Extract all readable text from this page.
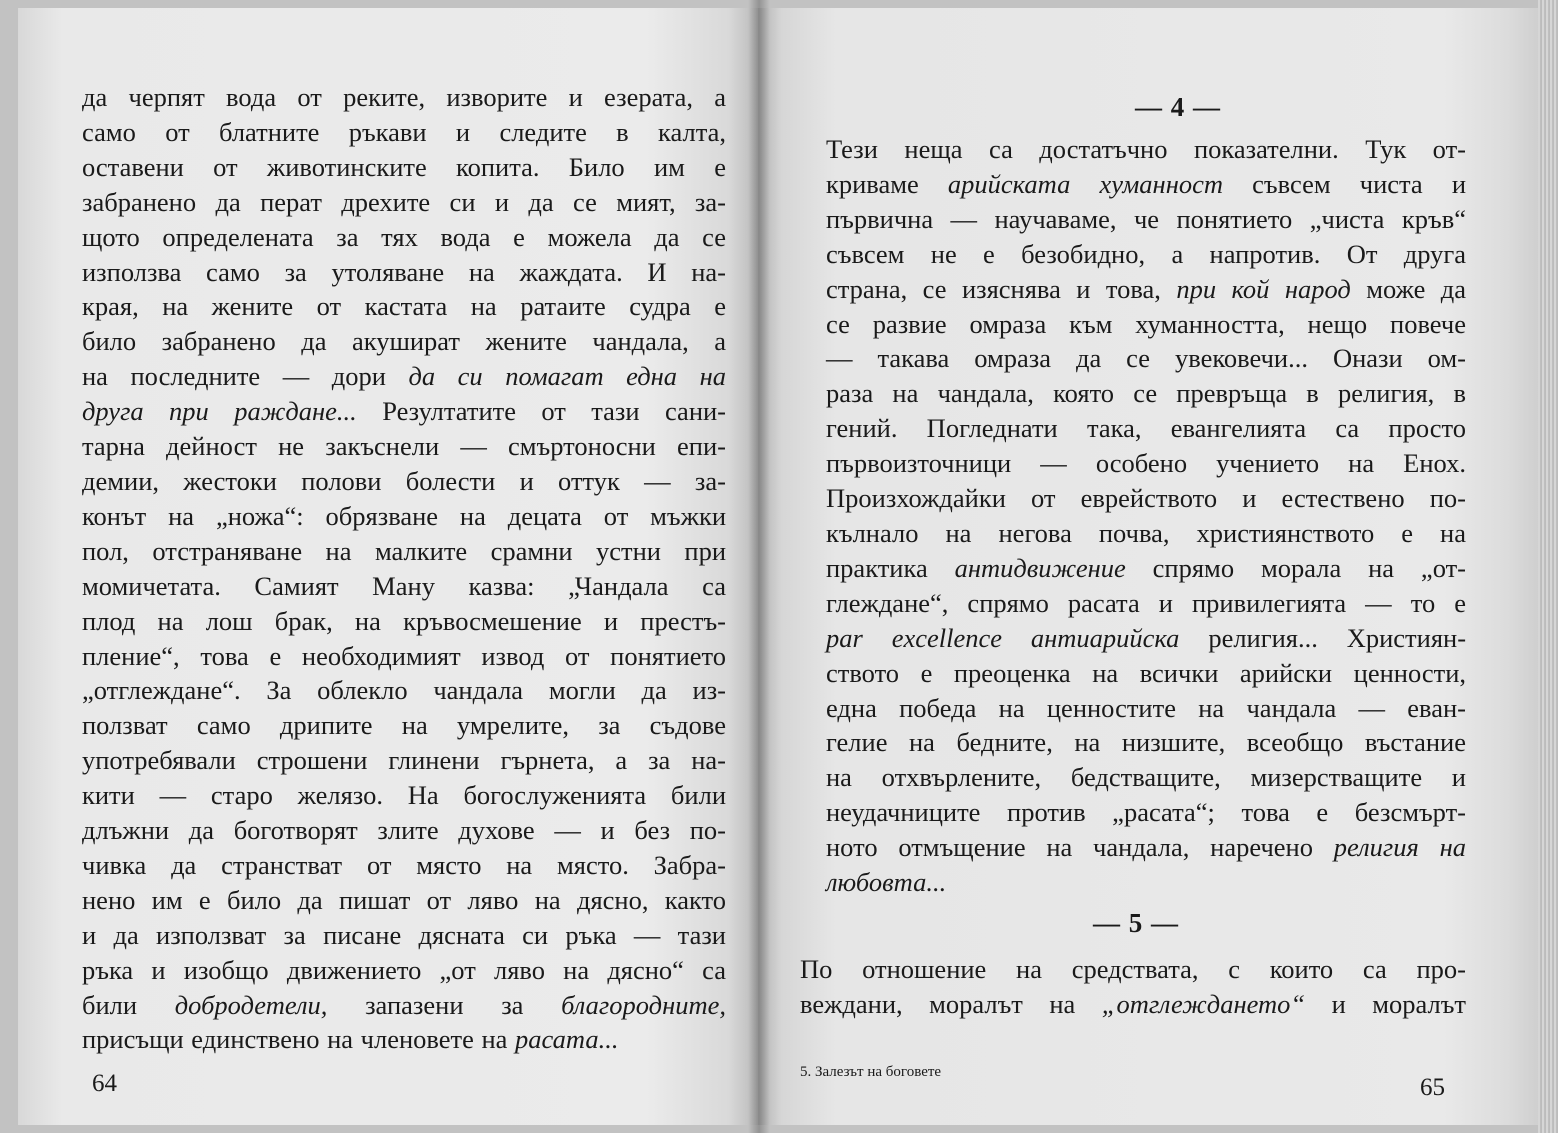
да черпят вода от реките, изворите и езерата, а
само от блатните ръкави и следите в калта,
оставени от животинските копита. Било им е
забранено да перат дрехите си и да се мият, за-
щото определената за тях вода е можела да се
използва само за утоляване на жаждата. И на-
края, на жените от кастата на ратаите судра е
било забранено да акушират жените чандала, а
на последните — дори да си помагат една на
друга при раждане... Резултатите от тази сани-
тарна дейност не закъснели — смъртоносни епи-
демии, жестоки полови болести и оттук — за-
конът на „ножа“: обрязване на децата от мъжки
пол, отстраняване на малките срамни устни при
момичетата. Самият Ману казва: „Чандала са
плод на лош брак, на кръвосмешение и престъ-
пление“, това е необходимият извод от понятието
„отглеждане“. За облекло чандала могли да из-
ползват само дрипите на умрелите, за съдове
употребявали строшени глинени гърнета, а за на-
кити — старо желязо. На богослуженията били
длъжни да боготворят злите духове — и без по-
чивка да странстват от място на място. Забра-
нено им е било да пишат от ляво на дясно, както
и да използват за писане дясната си ръка — тази
ръка и изобщо движението „от ляво на дясно“ са
били добродетели, запазени за благородните,
присъщи единствено на членовете на расата...
64
— 4 —
Тези неща са достатъчно показателни. Тук от-
криваме арийската хуманност съвсем чиста и
първична — научаваме, че понятието „чиста кръв“
съвсем не е безобидно, а напротив. От друга
страна, се изяснява и това, при кой народ може да
се развие омраза към хуманността, нещо повече
— такава омраза да се увековечи... Онази ом-
раза на чандала, която се превръща в религия, в
гений. Погледнати така, евангелията са просто
първоизточници — особено учението на Енох.
Произхождайки от еврейството и естествено по-
кълнало на негова почва, християнството е на
практика антидвижение спрямо морала на „от-
глеждане“, спрямо расата и привилегията — то е
par excellence антиарийска религия... Християн-
ството е преоценка на всички арийски ценности,
една победа на ценностите на чандала — еван-
гелие на бедните, на низшите, всеобщо въстание
на отхвърлените, бедстващите, мизерстващите и
неудачниците против „расата“; това е безсмърт-
ното отмъщение на чандала, наречено религия на
любовта...
— 5 —
По отношение на средствата, с които са про-
веждани, моралът на „отглеждането“ и моралът
5. Залезът на боговете
65
